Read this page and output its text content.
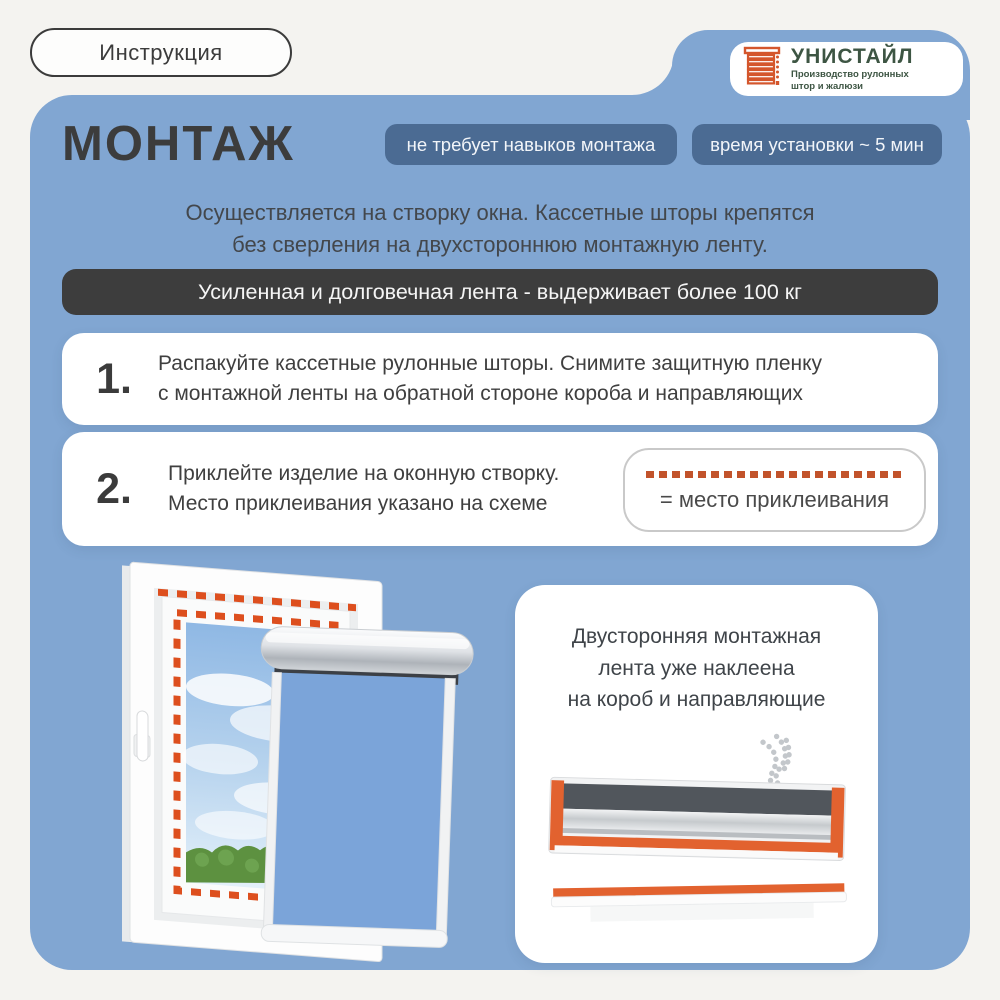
Инструкция	УНИСТАЙЛ
Производство рулонных
штор и жалюзи
МОНТАЖ	не требует навыков монтажа	время установки ~ 5 мин
Осуществляется на створку окна. Кассетные шторы крепятся
без сверления на двухстороннюю монтажную ленту.
Усиленная и долговечная лента - выдерживает более 100 кг
1.	Распакуйте кассетные рулонные шторы. Снимите защитную пленку
с монтажной ленты на обратной стороне короба и направляющих
2.	Приклейте изделие на оконную створку.
Место приклеивания указано на схеме	= место приклеивания
Двусторонняя монтажная
лента уже наклеена
на короб и направляющие
